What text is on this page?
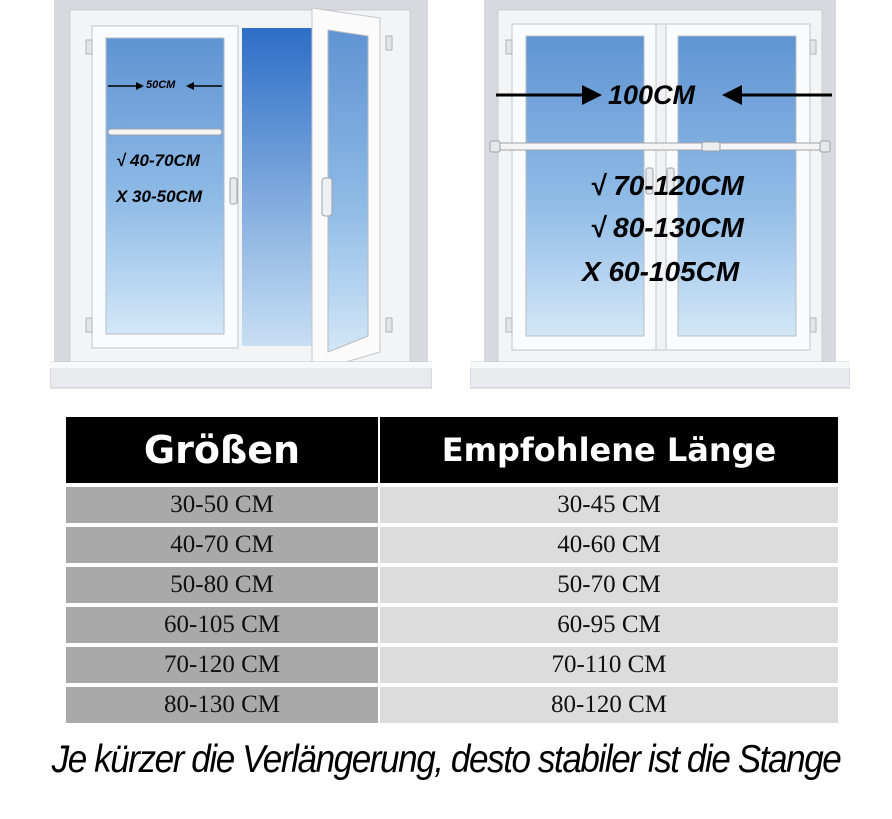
50CM
√ 40-70CM
X 30-50CM
100CM
√ 70-120CM
√ 80-130CM
X 60-105CM
Größen	Empfohlene Länge
30-50 CM	30-45 CM
40-70 CM	40-60 CM
50-80 CM	50-70 CM
60-105 CM	60-95 CM
70-120 CM	70-110 CM
80-130 CM	80-120 CM
Je kürzer die Verlängerung, desto stabiler ist die Stange
